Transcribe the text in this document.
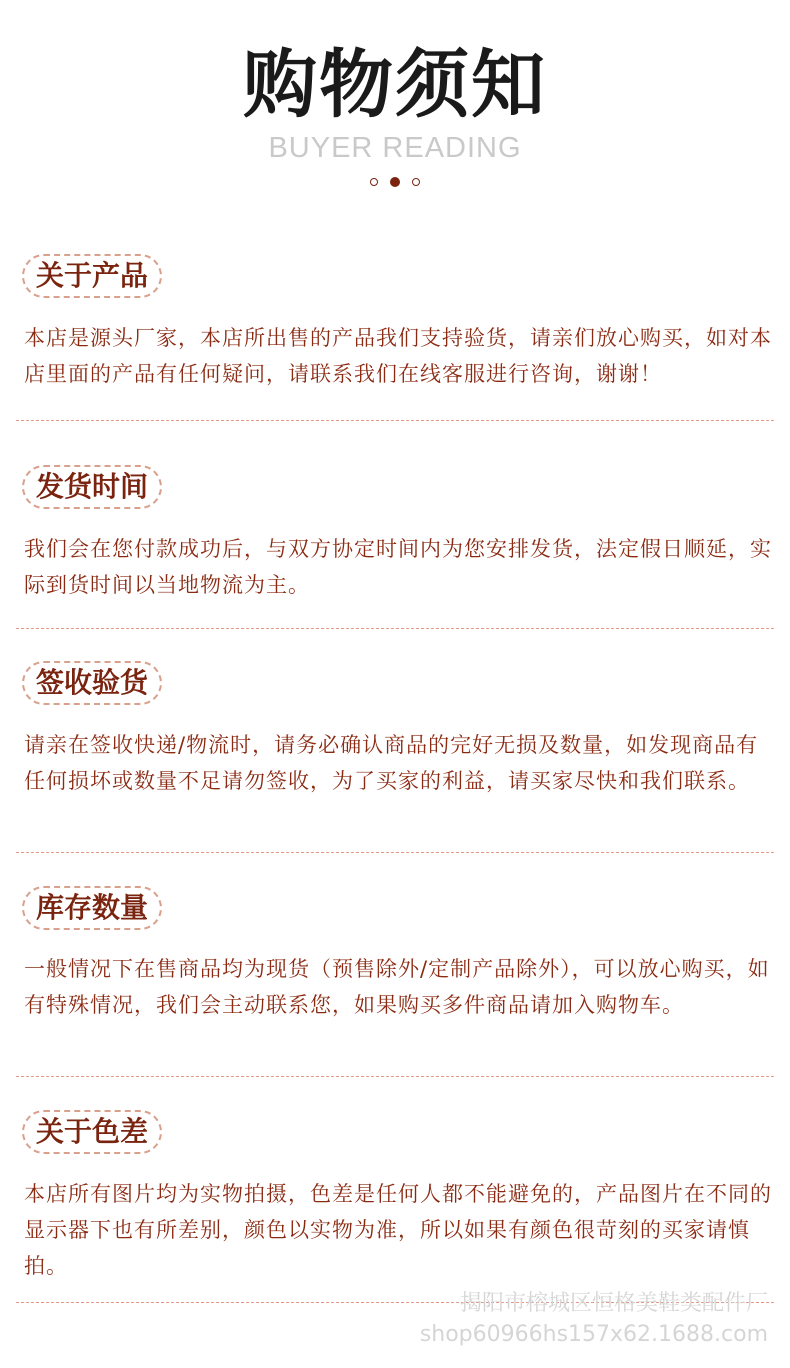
购物须知
BUYER READING
关于产品
本店是源头厂家，本店所出售的产品我们支持验货，请亲们放心购买，如对本店里面的产品有任何疑问，请联系我们在线客服进行咨询，谢谢！
发货时间
我们会在您付款成功后，与双方协定时间内为您安排发货，法定假日顺延，实际到货时间以当地物流为主。
签收验货
请亲在签收快递/物流时，请务必确认商品的完好无损及数量，如发现商品有任何损坏或数量不足请勿签收，为了买家的利益，请买家尽快和我们联系。
库存数量
一般情况下在售商品均为现货（预售除外/定制产品除外），可以放心购买，如有特殊情况，我们会主动联系您，如果购买多件商品请加入购物车。
关于色差
本店所有图片均为实物拍摄，色差是任何人都不能避免的，产品图片在不同的显示器下也有所差别，颜色以实物为准，所以如果有颜色很苛刻的买家请慎拍。
揭阳市榕城区恒格美鞋类配件厂
shop60966hs157x62.1688.com
